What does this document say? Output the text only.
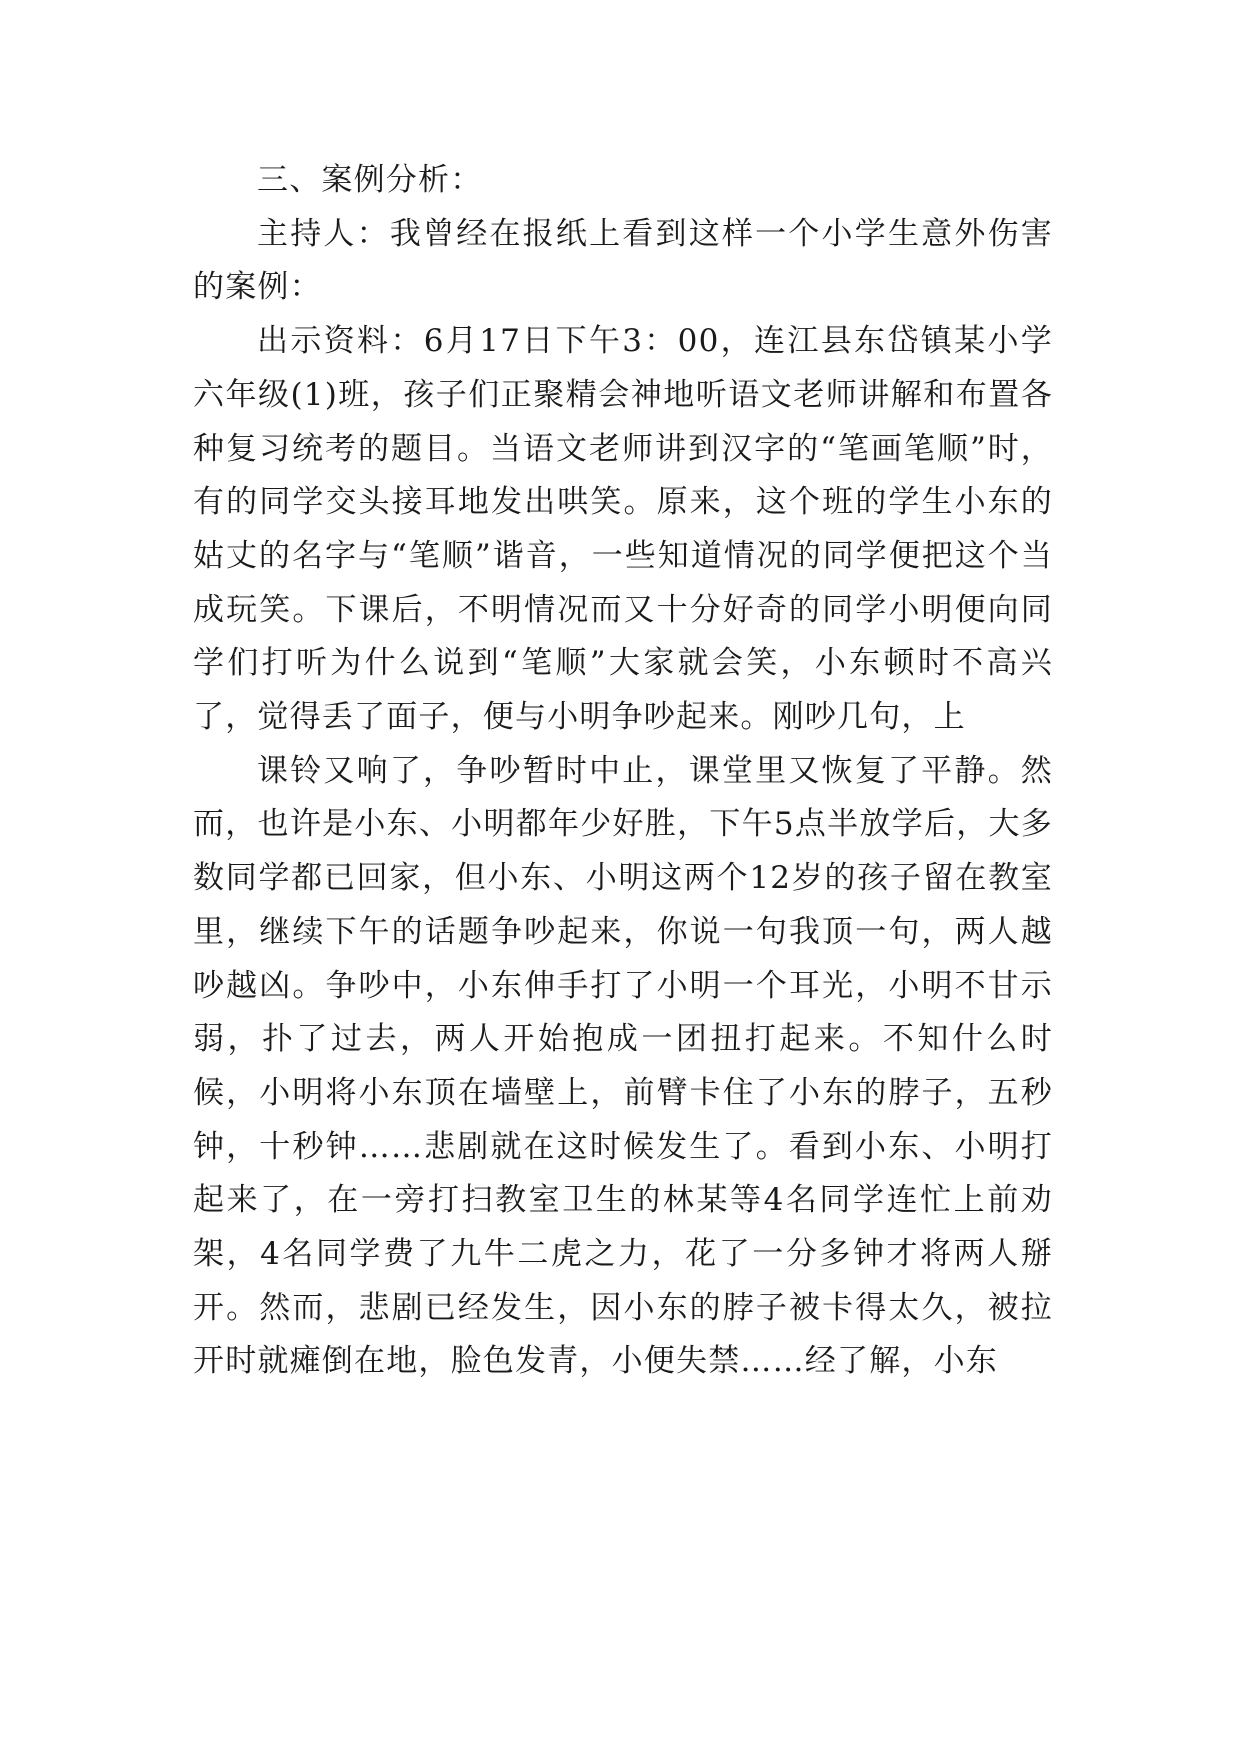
三、案例分析：

主持人：我曾经在报纸上看到这样一个小学生意外伤害的案例：

出示资料：6月17日下午3：00，连江县东岱镇某小学六年级(1)班，孩子们正聚精会神地听语文老师讲解和布置各种复习统考的题目。当语文老师讲到汉字的“笔画笔顺”时，有的同学交头接耳地发出哄笑。原来，这个班的学生小东的姑丈的名字与“笔顺”谐音，一些知道情况的同学便把这个当成玩笑。下课后，不明情况而又十分好奇的同学小明便向同学们打听为什么说到“笔顺”大家就会笑，小东顿时不高兴了，觉得丢了面子，便与小明争吵起来。刚吵几句，上

课铃又响了，争吵暂时中止，课堂里又恢复了平静。然而，也许是小东、小明都年少好胜，下午5点半放学后，大多数同学都已回家，但小东、小明这两个12岁的孩子留在教室里，继续下午的话题争吵起来，你说一句我顶一句，两人越吵越凶。争吵中，小东伸手打了小明一个耳光，小明不甘示弱，扑了过去，两人开始抱成一团扭打起来。不知什么时候，小明将小东顶在墙壁上，前臂卡住了小东的脖子，五秒钟，十秒钟……悲剧就在这时候发生了。看到小东、小明打起来了，在一旁打扫教室卫生的林某等4名同学连忙上前劝架，4名同学费了九牛二虎之力，花了一分多钟才将两人掰开。然而，悲剧已经发生，因小东的脖子被卡得太久，被拉开时就瘫倒在地，脸色发青，小便失禁……经了解，小东
